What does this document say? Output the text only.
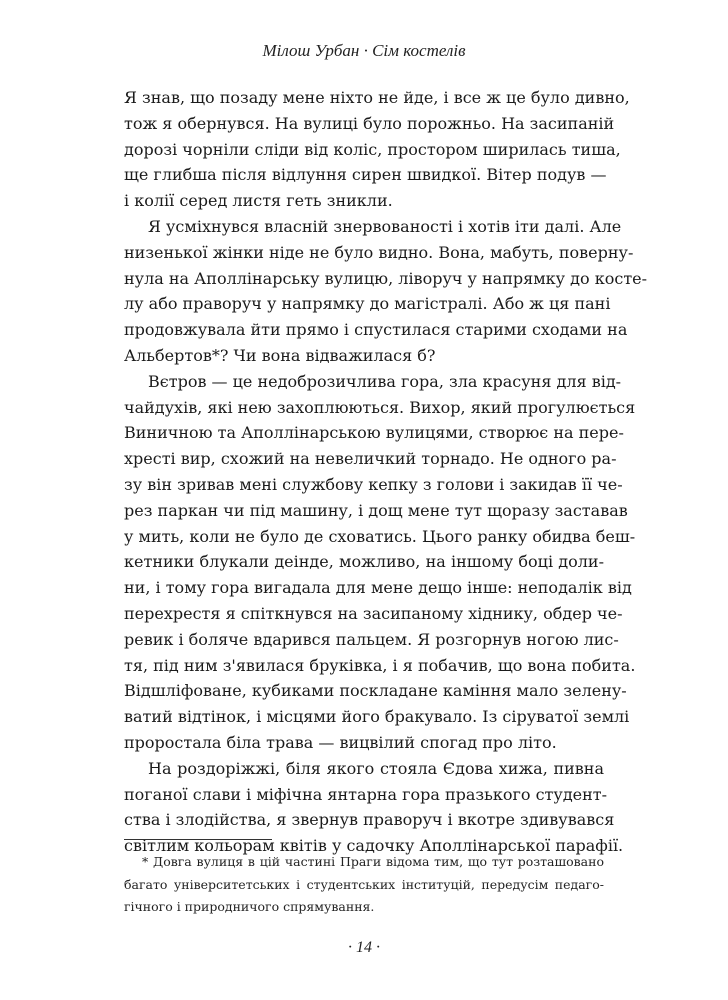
Мілош Урбан · Сім костелів

Я знав, що позаду мене ніхто не йде, і все ж це було дивно,
тож я обернувся. На вулиці було порожньо. На засипаній
дорозі чорніли сліди від коліс, простором ширилась тиша,
ще глибша після відлуння сирен швидкої. Вітер подув —
і колії серед листя геть зникли.

Я усміхнувся власній знервованості і хотів іти далі. Але
низенької жінки ніде не було видно. Вона, мабуть, поверну-
нула на Аполлінарську вулицю, ліворуч у напрямку до косте-
лу або праворуч у напрямку до магістралі. Або ж ця пані
продовжувала йти прямо і спустилася старими сходами на
Альбертов*? Чи вона відважилася б?

Вєтров — це недоброзичлива гора, зла красуня для від-
чайдухів, які нею захоплюються. Вихор, який прогулюється
Виничною та Аполлінарською вулицями, створює на пере-
хресті вир, схожий на невеличкий торнадо. Не одного ра-
зу він зривав мені службову кепку з голови і закидав її че-
рез паркан чи під машину, і дощ мене тут щоразу заставав
у мить, коли не було де сховатись. Цього ранку обидва беш-
кетники блукали деінде, можливо, на іншому боці доли-
ни, і тому гора вигадала для мене дещо інше: неподалік від
перехрестя я спіткнувся на засипаному хіднику, обдер че-
ревик і боляче вдарився пальцем. Я розгорнув ногою лис-
тя, під ним з'явилася бруківка, і я побачив, що вона побита.
Відшліфоване, кубиками поскладане каміння мало зелену-
ватий відтінок, і місцями його бракувало. Із сіруватої землі
проростала біла трава — вицвілий спогад про літо.

На роздоріжжі, біля якого стояла Єдова хижа, пивна
поганої слави і міфічна янтарна гора празького студент-
ства і злодійства, я звернув праворуч і вкотре здивувався
світлим кольорам квітів у садочку Аполлінарської парафії.

* Довга вулиця в цій частині Праги відома тим, що тут розташовано
багато університетських і студентських інституцій, передусім педаго-
гічного і природничого спрямування.
· 14 ·
